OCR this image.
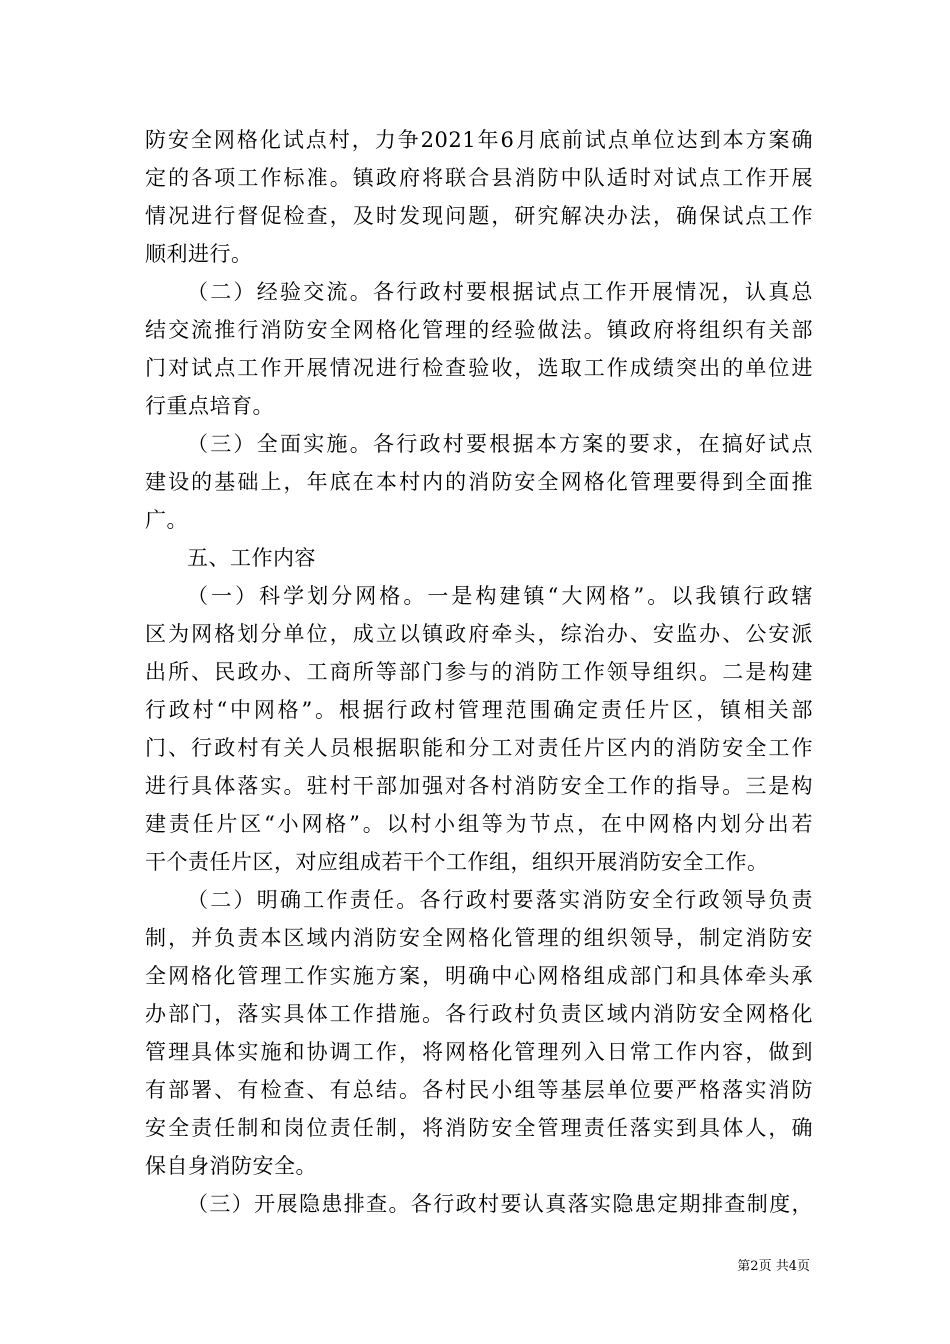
防安全网格化试点村，力争2021年6月底前试点单位达到本方案确
定的各项工作标准。镇政府将联合县消防中队适时对试点工作开展
情况进行督促检查，及时发现问题，研究解决办法，确保试点工作
顺利进行。
（二）经验交流。各行政村要根据试点工作开展情况，认真总
结交流推行消防安全网格化管理的经验做法。镇政府将组织有关部
门对试点工作开展情况进行检查验收，选取工作成绩突出的单位进
行重点培育。
（三）全面实施。各行政村要根据本方案的要求，在搞好试点
建设的基础上，年底在本村内的消防安全网格化管理要得到全面推
广。
五、工作内容
（一）科学划分网格。一是构建镇“大网格”。以我镇行政辖
区为网格划分单位，成立以镇政府牵头，综治办、安监办、公安派
出所、民政办、工商所等部门参与的消防工作领导组织。二是构建
行政村“中网格”。根据行政村管理范围确定责任片区，镇相关部
门、行政村有关人员根据职能和分工对责任片区内的消防安全工作
进行具体落实。驻村干部加强对各村消防安全工作的指导。三是构
建责任片区“小网格”。以村小组等为节点，在中网格内划分出若
干个责任片区，对应组成若干个工作组，组织开展消防安全工作。
（二）明确工作责任。各行政村要落实消防安全行政领导负责
制，并负责本区域内消防安全网格化管理的组织领导，制定消防安
全网格化管理工作实施方案，明确中心网格组成部门和具体牵头承
办部门，落实具体工作措施。各行政村负责区域内消防安全网格化
管理具体实施和协调工作，将网格化管理列入日常工作内容，做到
有部署、有检查、有总结。各村民小组等基层单位要严格落实消防
安全责任制和岗位责任制，将消防安全管理责任落实到具体人，确
保自身消防安全。
（三）开展隐患排查。各行政村要认真落实隐患定期排查制度，
第2页 共4页
